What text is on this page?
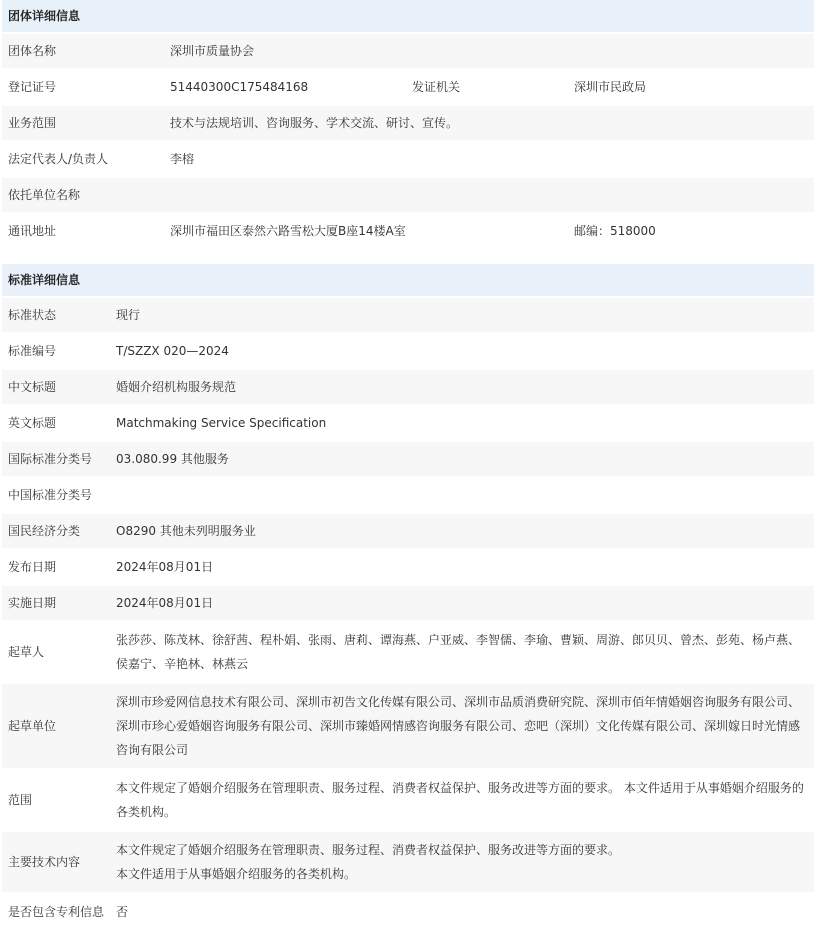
团体详细信息
团体名称	深圳市质量协会		
登记证号	51440300C175484168	发证机关	深圳市民政局
业务范围	技术与法规培训、咨询服务、学术交流、研讨、宣传。		
法定代表人/负责人	李榕		
依托单位名称			
通讯地址	深圳市福田区泰然六路雪松大厦B座14楼A室		邮编：518000
标准详细信息
标准状态	现行
标准编号	T/SZZX 020—2024
中文标题	婚姻介绍机构服务规范
英文标题	Matchmaking Service Specification
国际标准分类号	03.080.99 其他服务
中国标准分类号	
国民经济分类	O8290 其他未列明服务业
发布日期	2024年08月01日
实施日期	2024年08月01日
起草人	张莎莎、陈茂林、徐舒茜、程朴娟、张雨、唐莉、谭海燕、户亚威、李智儒、李瑜、曹颖、周游、郎贝贝、曾杰、彭苑、杨卢燕、侯嘉宁、辛艳林、林燕云
起草单位	深圳市珍爱网信息技术有限公司、深圳市初告文化传媒有限公司、深圳市品质消费研究院、深圳市佰年情婚姻咨询服务有限公司、深圳市珍心爱婚姻咨询服务有限公司、深圳市臻婚网情感咨询服务有限公司、恋吧（深圳）文化传媒有限公司、深圳嫁日时光情感咨询有限公司
范围	本文件规定了婚姻介绍服务在管理职责、服务过程、消费者权益保护、服务改进等方面的要求。 本文件适用于从事婚姻介绍服务的各类机构。
主要技术内容	本文件规定了婚姻介绍服务在管理职责、服务过程、消费者权益保护、服务改进等方面的要求。
本文件适用于从事婚姻介绍服务的各类机构。

是否包含专利信息	否
